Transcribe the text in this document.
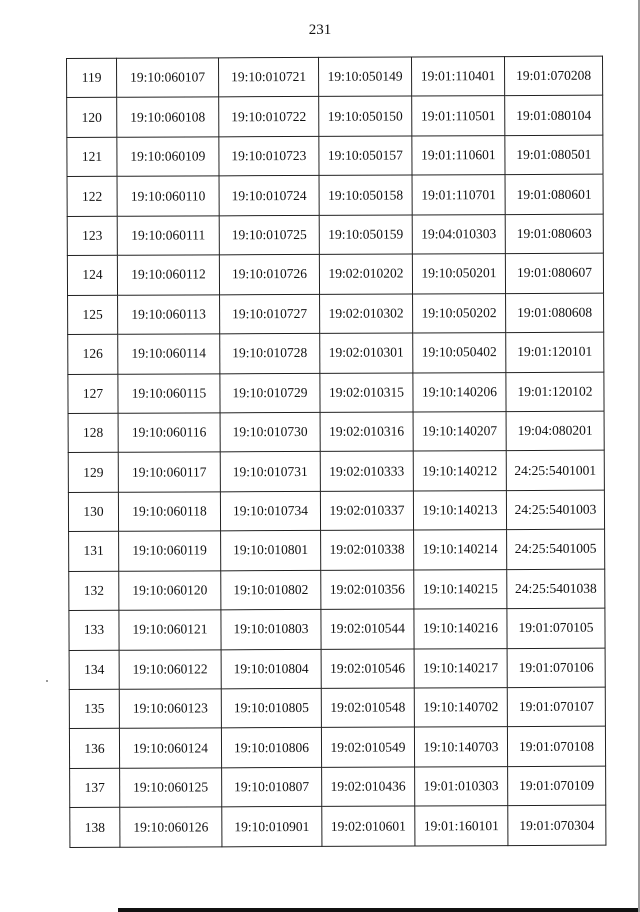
231
119	19:10:060107	19:10:010721	19:10:050149	19:01:110401	19:01:070208
120	19:10:060108	19:10:010722	19:10:050150	19:01:110501	19:01:080104
121	19:10:060109	19:10:010723	19:10:050157	19:01:110601	19:01:080501
122	19:10:060110	19:10:010724	19:10:050158	19:01:110701	19:01:080601
123	19:10:060111	19:10:010725	19:10:050159	19:04:010303	19:01:080603
124	19:10:060112	19:10:010726	19:02:010202	19:10:050201	19:01:080607
125	19:10:060113	19:10:010727	19:02:010302	19:10:050202	19:01:080608
126	19:10:060114	19:10:010728	19:02:010301	19:10:050402	19:01:120101
127	19:10:060115	19:10:010729	19:02:010315	19:10:140206	19:01:120102
128	19:10:060116	19:10:010730	19:02:010316	19:10:140207	19:04:080201
129	19:10:060117	19:10:010731	19:02:010333	19:10:140212	24:25:5401001
130	19:10:060118	19:10:010734	19:02:010337	19:10:140213	24:25:5401003
131	19:10:060119	19:10:010801	19:02:010338	19:10:140214	24:25:5401005
132	19:10:060120	19:10:010802	19:02:010356	19:10:140215	24:25:5401038
133	19:10:060121	19:10:010803	19:02:010544	19:10:140216	19:01:070105
134	19:10:060122	19:10:010804	19:02:010546	19:10:140217	19:01:070106
135	19:10:060123	19:10:010805	19:02:010548	19:10:140702	19:01:070107
136	19:10:060124	19:10:010806	19:02:010549	19:10:140703	19:01:070108
137	19:10:060125	19:10:010807	19:02:010436	19:01:010303	19:01:070109
138	19:10:060126	19:10:010901	19:02:010601	19:01:160101	19:01:070304
